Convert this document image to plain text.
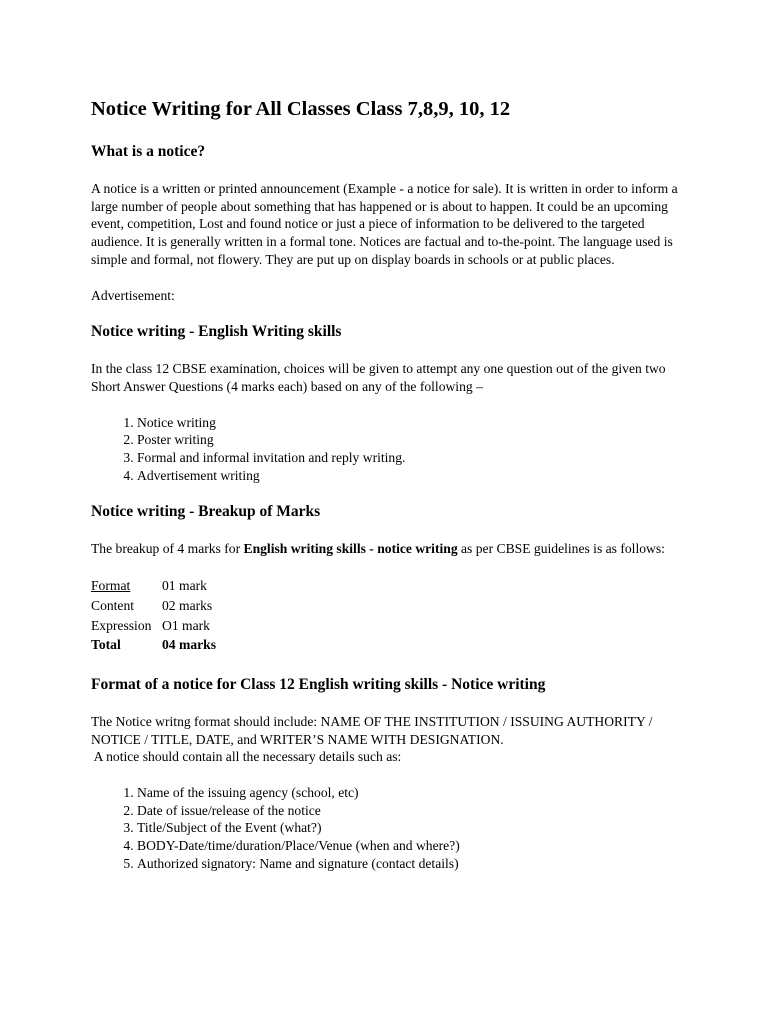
Notice Writing for All Classes Class 7,8,9, 10, 12
What is a notice?

A notice is a written or printed announcement (Example - a notice for sale). It is written in order to inform a large number of people about something that has happened or is about to happen. It could be an upcoming event, competition, Lost and found notice or just a piece of information to be delivered to the targeted audience. It is generally written in a formal tone. Notices are factual and to-the-point. The language used is simple and formal, not flowery. They are put up on display boards in schools or at public places.

Advertisement:

Notice writing - English Writing skills

In the class 12 CBSE examination, choices will be given to attempt any one question out of the given two Short Answer Questions (4 marks each) based on any of the following –

1. Notice writing
2. Poster writing
3. Formal and informal invitation and reply writing.
4. Advertisement writing
Notice writing - Breakup of Marks

The breakup of 4 marks for English writing skills - notice writing as per CBSE guidelines is as follows:

Format	01 mark
Content	02 marks
Expression	O1 mark
Total	04 marks
Format of a notice for Class 12 English writing skills - Notice writing

The Notice writng format should include: NAME OF THE INSTITUTION / ISSUING AUTHORITY / NOTICE / TITLE, DATE, and WRITER’S NAME WITH DESIGNATION.
A notice should contain all the necessary details such as:

1. Name of the issuing agency (school, etc)
2. Date of issue/release of the notice
3. Title/Subject of the Event (what?)
4. BODY-Date/time/duration/Place/Venue (when and where?)
5. Authorized signatory: Name and signature (contact details)
